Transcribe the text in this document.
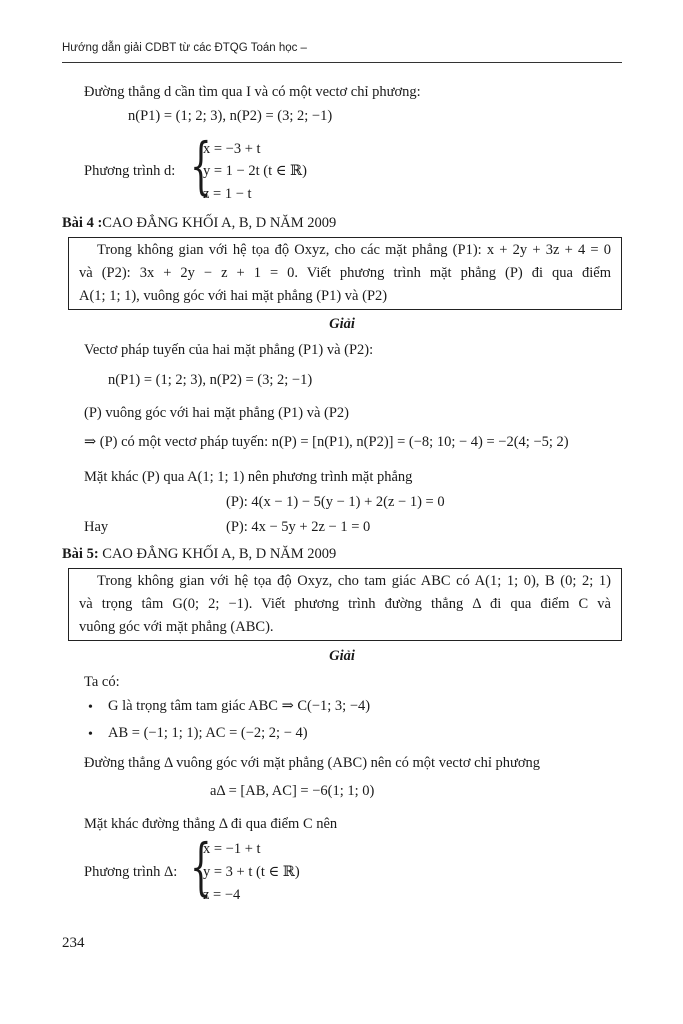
Hướng dẫn giải CDBT từ các ĐTQG Toán học –
Đường thẳng d cần tìm qua I và có một vectơ chỉ phương:
n(P1) = (1; 2; 3), n(P2) = (3; 2; −1)
Phương trình d: {
x = −3 + t
y = 1 − 2t (t ∈ ℝ)
z = 1 − t
Bài 4 :CAO ĐẲNG KHỐI A, B, D NĂM 2009

Trong không gian với hệ tọa độ Oxyz, cho các mặt phẳng (P1): x + 2y + 3z + 4 = 0

và (P2): 3x + 2y − z + 1 = 0. Viết phương trình mặt phẳng (P) đi qua điểm

A(1; 1; 1), vuông góc với hai mặt phẳng (P1) và (P2)

Giải
Vectơ pháp tuyến của hai mặt phẳng (P1) và (P2):
n(P1) = (1; 2; 3), n(P2) = (3; 2; −1)
(P) vuông góc với hai mặt phẳng (P1) và (P2)
⇒ (P) có một vectơ pháp tuyến: n(P) = [n(P1), n(P2)] = (−8; 10; − 4) = −2(4; −5; 2)
Mặt khác (P) qua A(1; 1; 1) nên phương trình mặt phẳng
(P): 4(x − 1) − 5(y − 1) + 2(z − 1) = 0
Hay	(P): 4x − 5y + 2z − 1 = 0
Bài 5: CAO ĐẲNG KHỐI A, B, D NĂM 2009

Trong không gian với hệ tọa độ Oxyz, cho tam giác ABC có A(1; 1; 0), B (0; 2; 1)

và trọng tâm G(0; 2; −1). Viết phương trình đường thẳng Δ đi qua điểm C và

vuông góc với mặt phẳng (ABC).

Giải
Ta có:
• G là trọng tâm tam giác ABC ⇒ C(−1; 3; −4)
• AB = (−1; 1; 1); AC = (−2; 2; − 4)
Đường thẳng Δ vuông góc với mặt phẳng (ABC) nên có một vectơ chỉ phương
aΔ = [AB, AC] = −6(1; 1; 0)
Mặt khác đường thẳng Δ đi qua điểm C nên
Phương trình Δ: {
x = −1 + t
y = 3 + t (t ∈ ℝ)
z = −4
234
